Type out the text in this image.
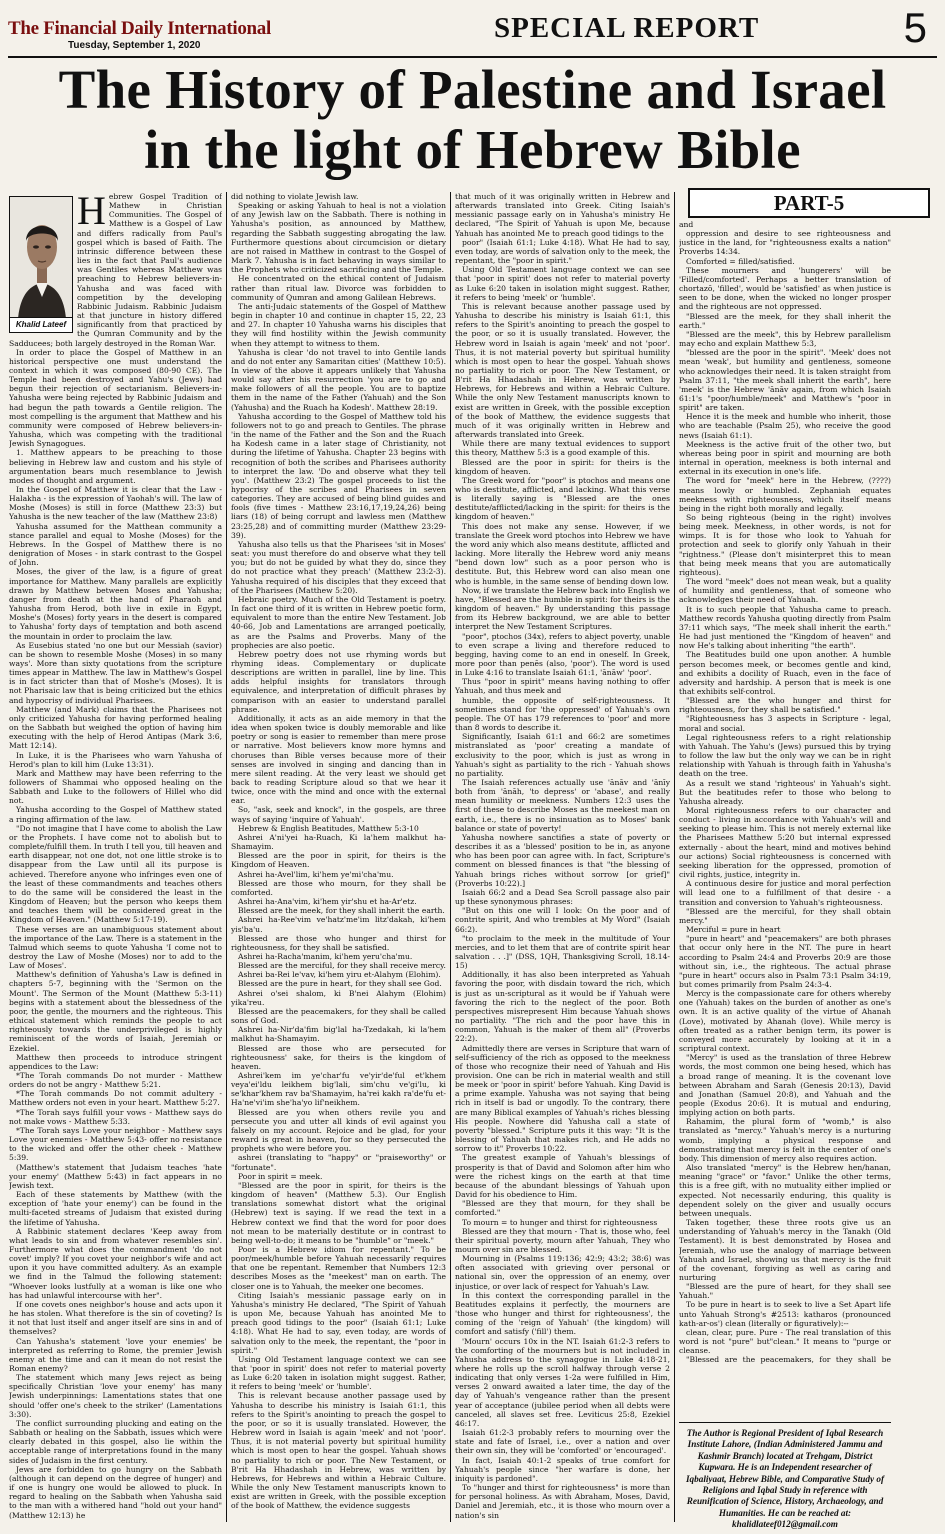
The Financial Daily International
Tuesday, September 1, 2020
SPECIAL REPORT	5
The History of Palestine and Israel
in the light of Hebrew Bible
PART-5
Khalid Lateef
H ebrew Gospel Tradition of Mathew in Christian Communities. The Gospel of Matthew is a Gospel of Law and differs radically from Paul's gospel which is based of Faith. The intrinsic difference between these lies in the fact that Paul's audience was Gentiles whereas Matthew was preaching to Hebrew believers-in-Yahusha and was faced with competition by the developing Rabbinic Judaism. Rabbinic Judaism at that juncture in history differed significantly from that practiced by the Qumran Community and by the Sadducees; both largely destroyed in the Roman War.

In order to place the Gospel of Matthew in an historical perspective one must understand the context in which it was composed (80-90 CE). The Temple had been destroyed and Yahu's (Jews) had begun their rejection of sectarianism. Believers-in-Yahusha were being rejected by Rabbinic Judaism and had begun the path towards a Gentile religion. The most compelling is the argument that Matthew and his community were composed of Hebrew believers-in-Yahusha, which was competing with the traditional Jewish Synagogues.

1. Matthew appears to be preaching to those believing in Hebrew law and custom and his style of argumentation bears much resemblance to Jewish modes of thought and argument.

In the Gospel of Matthew it is clear that the Law - Halakha - is the expression of Yaohah's will. The law of Moshe (Moses) is still in force (Matthew 23:3) but Yahusha is the new teacher of the law (Matthew 23:8)

Yahusha assumed for the Matthean community a stance parallel and equal to Moshe (Moses) for the Hebrews. In the Gospel of Matthew there is no denigration of Moses - in stark contrast to the Gospel of John.

Moses, the giver of the law, is a figure of great importance for Matthew. Many parallels are explicitly drawn by Matthew between Moses and Yahusha; danger from death at the hand of Pharaoh and Yahusha from Herod, both live in exile in Egypt, Moshe's (Moses) forty years in the desert is compared to Yahusha' forty days of temptation and both ascend the mountain in order to proclaim the law.

As Eusebius stated 'no one but our Messiah (savior) can be shown to resemble Moshe (Moses) in so many ways'. More than sixty quotations from the scripture times appear in Matthew. The law in Matthew's Gospel is in fact stricter than that of Moshe's (Moses). It is not Pharisaic law that is being criticized but the ethics and hypocrisy of individual Pharisees.

Matthew (and Mark) claims that the Pharisees not only criticized Yahusha for having performed healing on the Sabbath but weighed the option of having him executing with the help of Herod Antipas (Mark 3:6, Matt 12:14).

In Luke, it is the Pharisees who warn Yahusha of Herod's plan to kill him (Luke 13:31).

Mark and Matthew may have been referring to the followers of Shammai who opposed healing on the Sabbath and Luke to the followers of Hillel who did not.

Yahusha according to the Gospel of Matthew stated a ringing affirmation of the law.

"Do not imagine that I have come to abolish the Law or the Prophets. I have come not to abolish but to complete/fulfill them. In truth I tell you, till heaven and earth disappear, not one dot, not one little stroke is to disappear from the Law until all its purpose is achieved. Therefore anyone who infringes even one of the least of these commandments and teaches others to do the same will be considered the least in the Kingdom of Heaven; but the person who keeps them and teaches them will be considered great in the Kingdom of Heaven." (Matthew 5:17-19).

These verses are an unambiguous statement about the importance of the Law. There is a statement in the Talmud which seems to quote Yahusha 'I come not to destroy the Law of Moshe (Moses) nor to add to the Law of Moses'.

Matthew's definition of Yahusha's Law is defined in chapters 5-7, beginning with the 'Sermon on the Mount'. The Sermon of the Mount (Matthew 5:3-11) begins with a statement about the blessedness of the poor, the gentle, the mourners and the righteous. This ethical statement which reminds the people to act righteously towards the underprivileged is highly reminiscent of the words of Isaiah, Jeremiah or Ezekiel.

Matthew then proceeds to introduce stringent appendices to the Law:

*The Torah commands Do not murder - Matthew orders do not be angry - Matthew 5:21.

*The Torah commands Do not commit adultery - Matthew orders not even in your heart. Matthew 5:27.

*The Torah says fulfill your vows - Matthew says do not make vows - Matthew 5:33.

*The Torah says Love your neighbor - Matthew says Love your enemies - Matthew 5:43- offer no resistance to the wicked and offer the other cheek - Matthew 5:39.

(Matthew's statement that Judaism teaches 'hate your enemy' (Matthew 5:43) in fact appears in no Jewish text.

Each of these statements by Matthew (with the exception of 'hate your enemy') can be found in the multi-faceted streams of Judaism that existed during the lifetime of Yahusha.

A Rabbinic statement declares 'Keep away from what leads to sin and from whatever resembles sin'. Furthermore what does the commandment 'do not covet' imply? If you covet your neighbor's wife and act upon it you have committed adultery. As an example we find in the Talmud the following statement: "Whoever looks lustfully at a woman is like one who has had unlawful intercourse with her".

If one covets ones neighbor's house and acts upon it he has stolen. What therefore is the sin of coveting? Is it not that lust itself and anger itself are sins in and of themselves?

Can Yahusha's statement 'love your enemies' be interpreted as referring to Rome, the premier Jewish enemy at the time and can it mean do not resist the Roman enemy?

The statement which many Jews reject as being specifically Christian 'love your enemy' has many Jewish underpinnings: Lamentations states that one should 'offer one's cheek to the striker' (Lamentations 3:30).

The conflict surrounding plucking and eating on the Sabbath or healing on the Sabbath, issues which were clearly debated in this gospel, also lie within the acceptable range of interpretations found in the many sides of Judaism in the first century.

Jews are forbidden to go hungry on the Sabbath (although it can depend on the degree of hunger) and if one is hungry one would be allowed to pluck. In regard to healing on the Sabbath when Yahusha said to the man with a withered hand "hold out your hand" (Matthew 12:13) he

did nothing to violate Jewish law.

Speaking or asking Yahuah to heal is not a violation of any Jewish law on the Sabbath. There is nothing in Yahusha's position, as announced by Matthew, regarding the Sabbath suggesting abrogating the law. Furthermore questions about circumcision or dietary are not raised in Matthew in contrast to the Gospel of Mark 7. Yahusha is in fact behaving in ways similar to the Prophets who criticized sacrificing and the Temple.

He concentrated on the ethical content of Judaism rather than ritual law. Divorce was forbidden to community of Qumran and among Galilean Hebrews.

The anti-Judaic statements of the Gospel of Matthew begin in chapter 10 and continue in chapter 15, 22, 23 and 27. In chapter 10 Yahusha warns his disciples that they will find hostility within the Jewish community when they attempt to witness to them.

Yahusha is clear 'do not travel to into Gentile lands and do not enter any Samaritan cities' (Matthew 10:5). In view of the above it appears unlikely that Yahusha would say after his resurrection 'you are to go and make followers of all the people. You are to baptize them in the name of the Father (Yahuah) and the Son (Yahusha) and the Ruach ha Kodesh'. Matthew 28:19.

Yahusha according to the Gospel of Matthew told his followers not to go and preach to Gentiles. The phrase 'in the name of the Father and the Son and the Ruach ha Kodesh came in a later stage of Christianity, not during the lifetime of Yahusha. Chapter 23 begins with recognition of both the scribes and Pharisees authority to interpret the law. 'Do and observe what they tell you'. (Matthew 23:2) The gospel proceeds to list the hypocrisy of the scribes and Pharisees in seven categories. They are accused of being blind guides and fools (five times - Matthew 23:16,17,19,24,26) being liars (18) of being corrupt and lawless men (Matthew 23:25,28) and of committing murder (Matthew 23:29-39).

Yahusha also tells us that the Pharisees 'sit in Moses' seat: you must therefore do and observe what they tell you; but do not be guided by what they do, since they do not practice what they preach' (Matthew 23:2-3). Yahusha required of his disciples that they exceed that of the Pharisees (Matthew 5:20).

Hebraic poetry. Much of the Old Testament is poetry. In fact one third of it is written in Hebrew poetic form, equivalent to more than the entire New Testament. Job 40-66, Job and Lamentations are arranged poetically, as are the Psalms and Proverbs. Many of the prophecies are also poetic.

Hebrew poetry does not use rhyming words but rhyming ideas. Complementary or duplicate descriptions are written in parallel, line by line. This adds helpful insights for translators through equivalence, and interpretation of difficult phrases by comparison with an easier to understand parallel phrase.

Additionally, it acts as an aide memory in that the idea when spoken twice is doubly memorable and like poetry or song is easier to remember than mere prose or narrative. Most believers know more hymns and choruses than Bible verses because more of their senses are involved in singing and dancing than in mere silent reading. At the very least we should get back to reading Scripture aloud so that we hear it twice, once with the mind and once with the external ear.

So, "ask, seek and knock", in the gospels, are three ways of saying 'inquire of Yahuah'.

Hebrew & English Beatitudes, Matthew 5:3-10

Ashrei A'ni'yei ha-Ruach, Ki la'hem malkhut ha-Shamayim.

Blessed are the poor in spirit, for theirs is the Kingdom of Heaven.

Ashrei ha-Avel'lim, ki'hem ye'mi'cha'mu.

Blessed are those who mourn, for they shall be comforted.

Ashrei ha-Ana'vim, ki'hem yir'shu et ha-Ar'etz.

Blessed are the meek, for they shall inherit the earth.

Ashrei ha-Ree'vim ve'hatz'me'im litz'dakah, ki'hem yis'ba'u.

Blessed are those who hunger and thirst for righteousness, for they shall be satisfied.

Ashrei ha-Racha'manim, ki'hem yeru'cha'mu.

Blessed are the merciful, for they shall receive mercy.

Ashrei ba-Rei le'vav, ki'hem yiru et-Alahym (Elohim).

Blessed are the pure in heart, for they shall see God.

Ashrei o'sei shalom, ki B'nei Alahym (Elohim) yika'reu.

Blessed are the peacemakers, for they shall be called sons of God.

Ashrei ha-Nir'da'fim big'lal ha-Tzedakah, ki la'hem malkhut ha-Shamayim.

Blessed are those who are persecuted for righteousness' sake, for theirs is the kingdom of heaven.

Ashrei'kem im ye'char'fu ve'yir'de'ful et'khem veya'ei'ldu leikhem big'lali, sim'chu ve'gi'lu, ki se'khar'khem rav ba'Shamayim, ha'rei kakh ra'de'fu et-Ha'ne'vi'im she'ha'yo lif'neikhem.

Blessed are you when others revile you and persecute you and utter all kinds of evil against you falsely on my account. Rejoice and be glad, for your reward is great in heaven, for so they persecuted the prophets who were before you.

ashrei (translating to "happy" or "praiseworthy" or "fortunate".

Poor in spirit = meek.

"Blessed are the poor in spirit, for theirs is the kingdom of heaven" (Matthew 5.3). Our English translations somewhat distort what the original (Hebrew) text is saying. If we read the text in a Hebrew context we find that the word for poor does not mean to be materially destitute or in contrast to being well-to-do; it means to be "humble" or "meek."

Poor is a Hebrew idiom for repentant." To be poor/meek/humble before Yahuah necessarily requires that one be repentant. Remember that Numbers 12:3 describes Moses as the "meekest" man on earth. The closer one is to Yahuah, the meeker one becomes.

Citing Isaiah's messianic passage early on in Yahusha's ministry He declared, "The Spirit of Yahuah is upon Me, because Yahuah has anointed Me to preach good tidings to the poor" (Isaiah 61:1; Luke 4:18). What He had to say, even today, are words of salvation only to the meek, the repentant, the "poor in spirit."

Using Old Testament language context we can see that 'poor in spirit' does not refer to material poverty as Luke 6:20 taken in isolation might suggest. Rather, it refers to being 'meek' or 'humble'.

This is relevant because another passage used by Yahusha to describe his ministry is Isaiah 61:1, this refers to the Spirit's anointing to preach the gospel to the poor, or so it is usually translated. However, the Hebrew word in Isaiah is again 'meek' and not 'poor'. Thus, it is not material poverty but spiritual humility which is most open to hear the gospel. Yahuah shows no partiality to rich or poor. The New Testament, or B'rit Ha Hhadashah in Hebrew, was written by Hebrews, for Hebrews and within a Hebraic Culture. While the only New Testament manuscripts known to exist are written in Greek, with the possible exception of the book of Matthew, the evidence suggests

that much of it was originally written in Hebrew and afterwards translated into Greek. Citing Isaiah's messianic passage early on in Yahusha's ministry He declared, "The Spirit of Yahuah is upon Me, because Yahuah has anointed Me to preach good tidings to the

poor" (Isaiah 61:1; Luke 4:18). What He had to say, even today, are words of salvation only to the meek, the repentant, the "poor in spirit."

Using Old Testament language context we can see that 'poor in spirit' does not refer to material poverty as Luke 6:20 taken in isolation might suggest. Rather, it refers to being 'meek' or 'humble'.

This is relevant because another passage used by Yahusha to describe his ministry is Isaiah 61:1, this refers to the Spirit's anointing to preach the gospel to the poor, or so it is usually translated. However, the Hebrew word in Isaiah is again 'meek' and not 'poor'. Thus, it is not material poverty but spiritual humility which is most open to hear the gospel. Yahuah shows no partiality to rich or poor. The New Testament, or B'rit Ha Hhadashah in Hebrew, was written by Hebrews, for Hebrews and within a Hebraic Culture. While the only New Testament manuscripts known to exist are written in Greek, with the possible exception of the book of Matthew, the evidence suggests that much of it was originally written in Hebrew and afterwards translated into Greek.

While there are many textual evidences to support this theory, Matthew 5:3 is a good example of this.

Blessed are the poor in spirit: for theirs is the kingdom of heaven.

The Greek word for "poor" is ptochos and means one who is destitute, afflicted, and lacking. What this verse is literally saying is "Blessed are the ones destitute/afflicted/lacking in the spirit: for theirs is the kingdom of heaven."

This does not make any sense. However, if we translate the Greek word ptochos into Hebrew we have the word aniy which also means destitute, afflicted and lacking. More literally the Hebrew word aniy means "bend down low" such as a poor person who is destitute. But, this Hebrew word can also mean one who is humble, in the same sense of bending down low.

Now, if we translate the Hebrew back into English we have, "Blessed are the humble in spirit: for theirs is the kingdom of heaven." By understanding this passage from its Hebrew background, we are able to better interpret the New Testament Scriptures.

"poor", ptochos (34x), refers to abject poverty, unable to even scrape a living and therefore reduced to begging, having come to an end in oneself. In Greek, more poor than penēs (also, 'poor'). The word is used in Luke 4:16 to translate Isaiah 61:1, 'ānāw' 'poor'.

Thus "poor in spirit" means having nothing to offer Yahuah, and thus meek and

humble, the opposite of self-righteousness. It sometimes stand for 'the oppressed' of Yahuah's own people. The OT has 179 references to 'poor' and more than 8 words to describe it.

Significantly, Isaiah 61:1 and 66:2 are sometimes mistranslated as 'poor' creating a mandate of exclusivity to the poor, which is just as wrong in Yahuah's sight as partiality to the rich - Yahuah shows no partiality.

The Isaiah references actually use 'ānāv and 'ānīy both from 'ānāh, 'to depress' or 'abase', and really mean humility or meekness. Numbers 12:3 uses the first of these to describe Moses as the meekest man on earth, i.e., there is no insinuation as to Moses' bank balance or state of poverty!

Yahusha nowhere sanctifies a state of poverty or describes it as a 'blessed' position to be in, as anyone who has been poor can agree with. In fact, Scripture's comment on blessed finances is that "the blessing of Yahuah brings riches without sorrow [or grief]" (Proverbs 10:22).]

Isaiah 66:2 and a Dead Sea Scroll passage also pair up these synonymous phrases:

"But on this one will I look: On the poor and of contrite spirit, And who trembles at My Word" (Isaiah 66:2).

"to proclaim to the meek in the multitude of Your mercies, and to let them that are of contrite spirit hear salvation . . .]" (DSS, 1QH, Thanksgiving Scroll, 18.14-15)

Additionally, it has also been interpreted as Yahuah favoring the poor, with disdain toward the rich, which is just as un-scriptural as it would be if Yahuah were favoring the rich to the neglect of the poor. Both perspectives misrepresent Him because Yahuah shows no partiality. "The rich and the poor have this in common, Yahuah is the maker of them all" (Proverbs 22:2).

Admittedly there are verses in Scripture that warn of self-sufficiency of the rich as opposed to the meekness of those who recognize their need of Yahuah and His provision. One can be rich in material wealth and still be meek or 'poor in spirit' before Yahuah. King David is a prime example. Yahusha was not saying that being rich in itself is bad or ungodly. To the contrary, there are many Biblical examples of Yahuah's riches blessing His people. Nowhere did Yahusha call a state of poverty "blessed." Scripture puts it this way: "It is the blessing of Yahuah that makes rich, and He adds no sorrow to it" Proverbs 10:22.

The greatest example of Yahuah's blessings of prosperity is that of David and Solomon after him who were the richest kings on the earth at that time because of the abundant blessings of Yahuah upon David for his obedience to Him.

"Blessed are they that mourn, for they shall be comforted."

To mourn = to hunger and thirst for righteousness

Blessed are they that mourn - That is, those who, feel their spiritual poverty, mourn after Yahuah, They who mourn over sin are blessed.

Mourning in (Psalms 119:136; 42:9; 43:2; 38:6) was often associated with grieving over personal or national sin, over the oppression of an enemy, over injustice, or over lack of respect for Yahuah's Law.

In this context the corresponding parallel in the Beatitudes explains it perfectly, the mourners are 'those who hunger and thirst for righteousness', the coming of the 'reign of Yahuah' (the kingdom) will comfort and satisfy ('fill') them.

'Mourn' occurs 10x in the NT. Isaiah 61:2-3 refers to the comforting of the mourners but is not included in Yahusha address to the synagogue in Luke 4:18-21, where he rolls up the scroll halfway through verse 2 indicating that only verses 1-2a were fulfilled in Him, verses 2 onward awaited a later time, the day of the day of Yahuah's vengeance rather than the present year of acceptance (jubilee period when all debts were canceled, all slaves set free. Leviticus 25:8, Ezekiel 46:17.

Isaiah 61:2-3 probably refers to mourning over the state and fate of Israel, i.e., over a nation and over their own sin, they will be 'comforted' or 'encouraged'.

In fact, Isaiah 40:1-2 speaks of true comfort for Yahuah's people since "her warfare is done, her iniquity is pardoned".

To "hunger and thirst for righteousness" is more than for personal holiness. As with Abraham, Moses, David, Daniel and Jeremiah, etc., it is those who mourn over a nation's sin

and

oppression and desire to see righteousness and justice in the land, for "righteousness exalts a nation" Proverbs 14:34.

Comforted = filled/satisfied.

These mourners and 'hungerers' will be 'Filled/comforted'. Perhaps a better translation of chortazō, 'filled', would be 'satisfied' as when justice is seen to be done, when the wicked no longer prosper and the righteous are not oppressed.

"Blessed are the meek, for they shall inherit the earth."

"Blessed are the meek", this by Hebrew parallelism may echo and explain Matthew 5:3,

"blessed are the poor in the spirit". 'Meek' does not mean 'weak', but humility and gentleness, someone who acknowledges their need. It is taken straight from Psalm 37:11, "the meek shall inherit the earth", here 'meek' is the Hebrew 'ānāv again, from which Isaiah 61:1's "poor/humble/meek" and Matthew's "poor in spirit" are taken.

Hence it is the meek and humble who inherit, those who are teachable (Psalm 25), who receive the good news (Isaiah 61:1).

Meekness is the active fruit of the other two, but whereas being poor in spirit and mourning are both internal in operation, meekness is both internal and external in its execution in one's life.

The word for "meek" here in the Hebrew, (????) means lowly or humbled. Zephaniah equates meekness with righteousness, which itself means being in the right both morally and legally.

So being righteous (being in the right) involves being meek. Meekness, in other words, is not for wimps. It is for those who look to Yahuah for protection and seek to glorify only Yahuah in their "rightness." (Please don't misinterpret this to mean that being meek means that you are automatically righteous).

The word "meek" does not mean weak, but a quality of humility and gentleness, that of someone who acknowledges their need of Yahuah.

It is to such people that Yahusha came to preach. Matthew records Yahusha quoting directly from Psalm 37:11 which says, "The meek shall inherit the earth." He had just mentioned the "Kingdom of heaven" and now He's talking about inheriting "the earth".

The Beatitudes build one upon another. A humble person becomes meek, or becomes gentle and kind, and exhibits a docility of Ruach, even in the face of adversity and hardship. A person that is meek is one that exhibits self-control.

"Blessed are the who hunger and thirst for righteousness, for they shall be satisfied."

"Righteousness has 3 aspects in Scripture - legal, moral and social.

Legal righteousness refers to a right relationship with Yahuah. The Yahu's (Jews) pursued this by trying to follow the law but the only way we can be in right relationship with Yahuah is through faith in Yahusha's death on the tree.

As a result we stand 'righteous' in Yahuah's sight. But the beatitudes refer to those who belong to Yahusha already.

Moral righteousness refers to our character and conduct - living in accordance with Yahuah's will and seeking to please him. This is not merely external like the Pharisees Matthew 5:20 but internal expressed externally - about the heart, mind and motives behind our actions) Social righteousness is concerned with seeking liberation for the oppressed, promotion of civil rights, justice, integrity in.

A continuous desire for justice and moral perfection will lead one to a fulfillment of that desire - a transition and conversion to Yahuah's righteousness.

"Blessed are the merciful, for they shall obtain mercy."

Merciful = pure in heart

"pure in heart" and "peacemakers" are both phrases that occur only here in the NT. The pure in heart according to Psalm 24:4 and Proverbs 20:9 are those without sin, i.e., the righteous. The actual phrase "pure in heart" occurs also in Psalm 73:1 Psalm 34:19, but comes primarily from Psalm 24:3-4.

Mercy is the compassionate care for others whereby one (Yahuah) takes on the burden of another as one's own. It is an active quality of the virtue of Ahanah (Love), motivated by Ahanah (love). While mercy is often treated as a rather benign term, its power is conveyed more accurately by looking at it in a scriptural context.

"Mercy" is used as the translation of three Hebrew words, the most common one being hesed, which has a broad range of meaning. It is the covenant love between Abraham and Sarah (Genesis 20:13), David and Jonathan (Samuel 20:8), and Yahuah and the people (Exodus 20:6). It is mutual and enduring, implying action on both parts.

Rahamim, the plural form of "womb," is also translated as "mercy." Yahuah's mercy is a nurturing womb, implying a physical response and demonstrating that mercy is felt in the center of one's body. This dimension of mercy also requires action.

Also translated "mercy" is the Hebrew hen/hanan, meaning "grace" or "favor." Unlike the other terms, this is a free gift, with no mutuality either implied or expected. Not necessarily enduring, this quality is dependent solely on the giver and usually occurs between unequals.

Taken together, these three roots give us an understanding of Yahuah's mercy in the Tanakh (Old Testament). It is best demonstrated by Hosea and Jeremiah, who use the analogy of marriage between Yahuah and Israel, showing us that mercy is the fruit of the covenant, forgiving as well as caring and nurturing

"Blessed are the pure of heart, for they shall see Yahuah."

To be pure in heart is to seek to live a Set Apart life unto Yahuah Strong's #2513: katharos (pronounced kath-ar-os') clean (literally or figuratively):--

clean, clear, pure. Pure - The real translation of this word is not "pure" but"clean." It means to "purge or cleanse.

"Blessed are the peacemakers, for they shall be

The Author is Regional President of Iqbal Research Institute Lahore, (Indian Administered Jammu and Kashmir Branch) located at Trehgam, District Kupwara. He is an Independent researcher of Iqbaliyaat, Hebrew Bible, and Comparative Study of Religions and Iqbal Study in reference with Reunification of Science, History, Archaeology, and Humanities. He can be reached at: khalidlateef012@gmail.com
